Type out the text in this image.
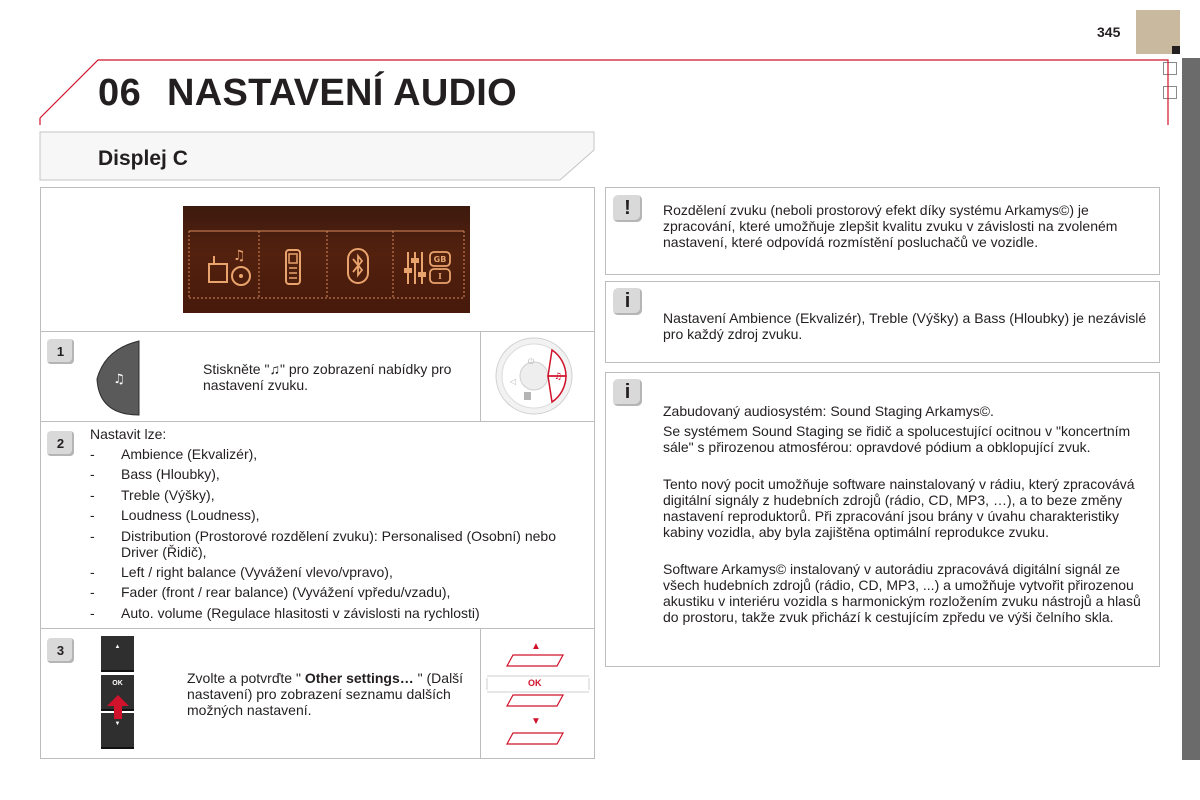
345
06 NASTAVENÍ AUDIO
Displej C
♫	GB
I
1
♫
Stiskněte "♫" pro zobrazení nabídky pro nastavení zvuku.	♫
⏻
◁
2
Nastavit lze:
- Ambience (Ekvalizér),
- Bass (Hloubky),
- Treble (Výšky),
- Loudness (Loudness),
- Distribution (Prostorové rozdělení zvuku): Personalised (Osobní) nebo Driver (Řidič),
- Left / right balance (Vyvážení vlevo/vpravo),
- Fader (front / rear balance) (Vyvážení vpředu/vzadu),
- Auto. volume (Regulace hlasitosti v závislosti na rychlosti)
3	▲
OK
▼
Zvolte a potvrďte " Other settings… " (Další nastavení) pro zobrazení seznamu dalších možných nastavení.
▲
OK
▼
!	Rozdělení zvuku (neboli prostorový efekt díky systému Arkamys©) je zpracování, které umožňuje zlepšit kvalitu zvuku v závislosti na zvoleném nastavení, které odpovídá rozmístění posluchačů ve vozidle.
i
Nastavení Ambience (Ekvalizér), Treble (Výšky) a Bass (Hloubky) je nezávislé pro každý zdroj zvuku.
i
Zabudovaný audiosystém: Sound Staging Arkamys©.
Se systémem Sound Staging se řidič a spolucestující ocitnou v "koncertním sále" s přirozenou atmosférou: opravdové pódium a obklopující zvuk.
Tento nový pocit umožňuje software nainstalovaný v rádiu, který zpracovává digitální signály z hudebních zdrojů (rádio, CD, MP3, …), a to beze změny nastavení reproduktorů. Při zpracování jsou brány v úvahu charakteristiky kabiny vozidla, aby byla zajištěna optimální reprodukce zvuku.
Software Arkamys© instalovaný v autorádiu zpracovává digitální signál ze všech hudebních zdrojů (rádio, CD, MP3, ...) a umožňuje vytvořit přirozenou akustiku v interiéru vozidla s harmonickým rozložením zvuku nástrojů a hlasů do prostoru, takže zvuk přichází k cestujícím zpředu ve výši čelního skla.
